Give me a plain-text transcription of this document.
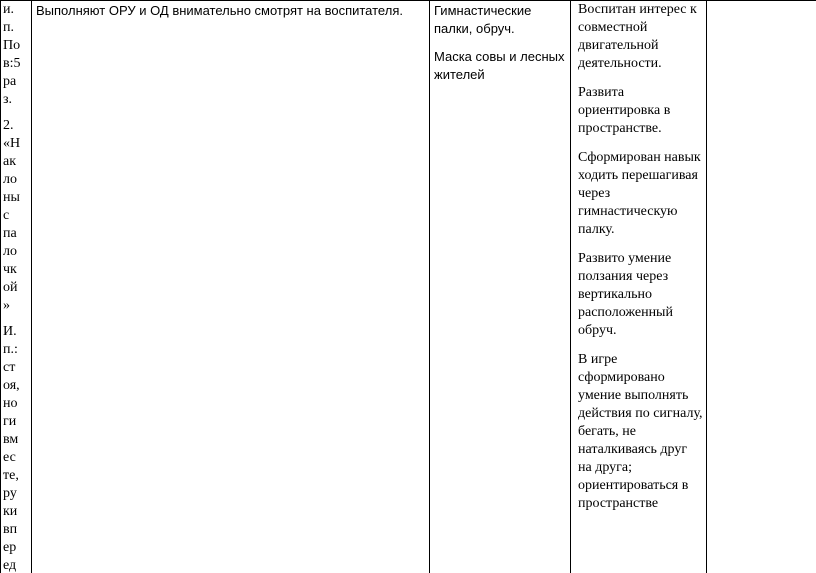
и.
п.
По
в:5
ра
з.
2.
«Н
ак
ло
ны
с
па
ло
чк
ой
»
И.
п.:
ст
оя,
но
ги
вм
ес
те,
ру
ки
вп
ер
ед
Выполняют ОРУ и ОД внимательно смотрят на воспитателя.	Гимнастические палки, обруч.
Маска совы и лесных жителей
Воспитан интерес к совместной двигательной деятельности.
Развита ориентировка в пространстве.
Сформирован навык ходить перешагивая через гимнастическую палку.
Развито умение ползания через вертикально расположенный обруч.
В игре сформировано умение выполнять действия по сигналу, бегать, не наталкиваясь друг на друга; ориентироваться в пространстве
